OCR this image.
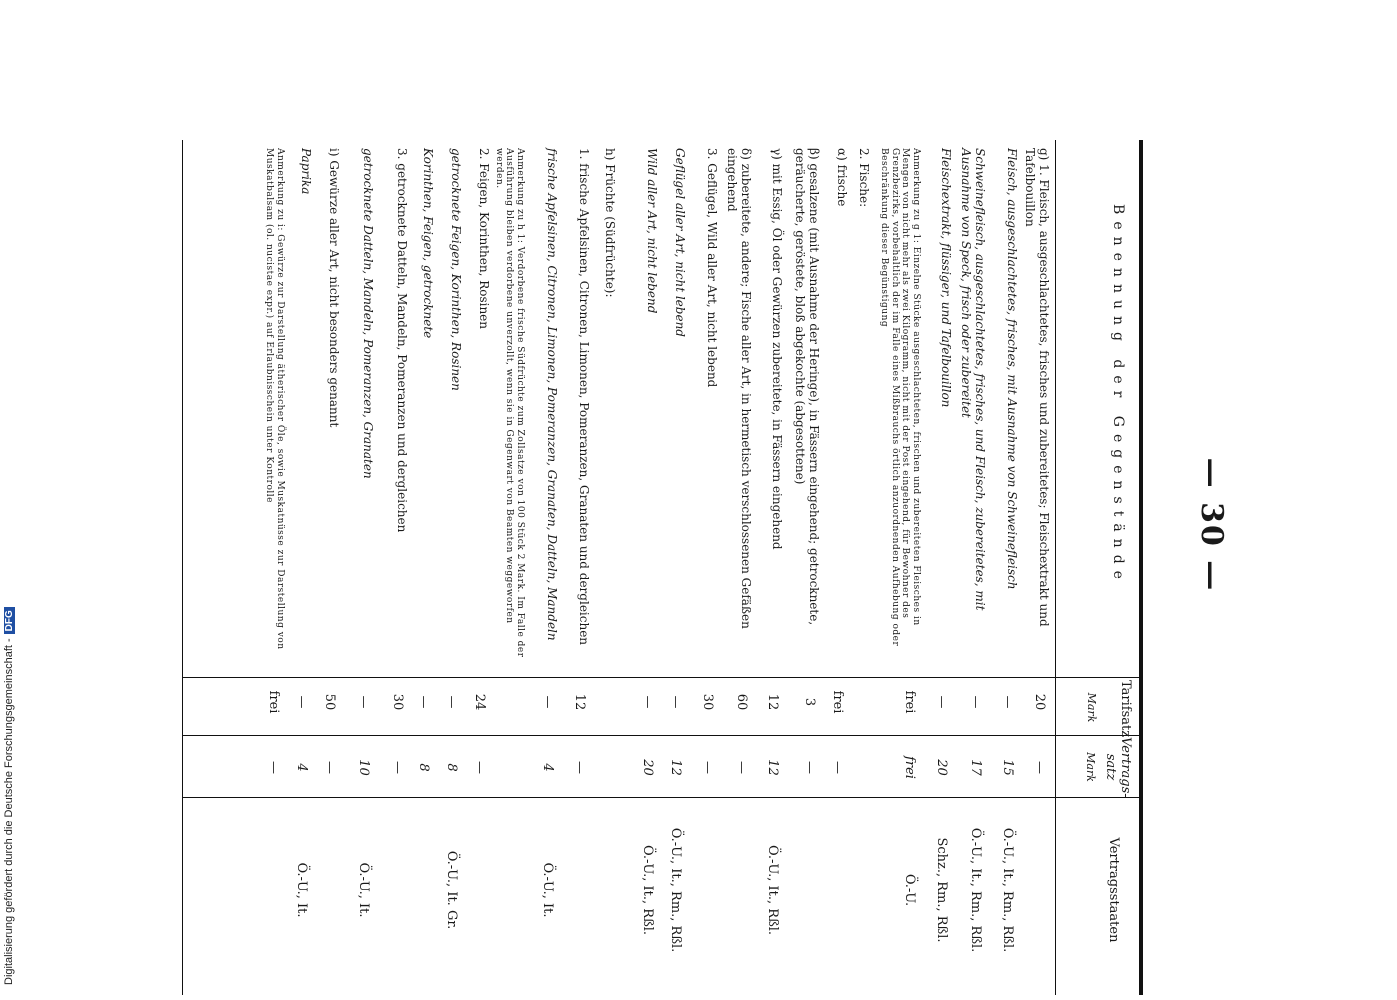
Digitalisierung gefördert durch die Deutsche Forschungsgemeinschaft -DFG
— 30 —
Benennung der Gegenstände
Tarifsatz
Mark
Vertrags-satz
Mark
Vertragsstaaten
g) 1. Fleisch, ausgeschlachtetes, frisches und zubereitetes; Fleischextrakt und Tafelbouillon
20
—
Fleisch, ausgeschlachtetes, frisches, mit Ausnahme von Schweinefleisch
—
15
Ö.-U., It., Rm., Rßl.
Schweinefleisch, ausgeschlachtetes, frisches, und Fleisch, zubereitetes, mit Ausnahme von Speck, frisch oder zubereitet
—
17
Ö.-U., It., Rm., Rßl.
Fleischextrakt, flüssiger, und Tafelbouillon
—
20
Schz., Rm., Rßl.
Anmerkung zu g 1: Einzelne Stücke ausgeschlachteten, frischen und zubereiteten Fleisches in Mengen von nicht mehr als zwei Kilogramm, nicht mit der Post eingehend, für Bewohner des Grenzbezirks, vorbehaltlich der im Falle eines Mißbrauchs örtlich anzuordnenden Aufhebung oder Beschränkung dieser Begünstigung
frei
frei
Ö.-U.
2. Fische:
α) frische
frei
—
β) gesalzene (mit Ausnahme der Heringe), in Fässern eingehend; getrocknete, geräucherte, geröstete, bloß abgekochte (abgesottene)
3
—
γ) mit Essig, Öl oder Gewürzen zubereitete, in Fässern eingehend
12
12
Ö.-U., It., Rßl.
δ) zubereitete, andere; Fische aller Art, in hermetisch verschlossenen Gefäßen eingehend
60
—
3. Geflügel, Wild aller Art, nicht lebend
30
—
Geflügel aller Art, nicht lebend
—
12
Ö.-U., It., Rm., Rßl.
Wild aller Art, nicht lebend
—
20
Ö.-U., It., Rßl.
h) Früchte (Südfrüchte):
1. frische Apfelsinen, Citronen, Limonen, Pomeranzen, Granaten und dergleichen
12
—
frische Apfelsinen, Citronen, Limonen, Pomeranzen, Granaten, Datteln, Mandeln
—
4
Ö.-U., It.
Anmerkung zu h 1: Verdorbene frische Südfrüchte zum Zollsatze von 100 Stück 2 Mark. Im Falle der Ausführung bleiben verdorbene unverzollt, wenn sie in Gegenwart von Beamten weggeworfen werden.
2. Feigen, Korinthen, Rosinen
24
—
getrocknete Feigen, Korinthen, Rosinen
—
8
Ö.-U., It. Gr.
Korinthen, Feigen, getrocknete
—
8
3. getrocknete Datteln, Mandeln, Pomeranzen und dergleichen
30
—
getrocknete Datteln, Mandeln, Pomeranzen, Granaten
—
10
Ö.-U., It.
i) Gewürze aller Art, nicht besonders genannt
50
—
Paprika
—
4
Ö.-U., It.
Anmerkung zu i: Gewürze zur Darstellung ätherischer Öle, sowie Muskatnüsse zur Darstellung von Muskatbalsam (ol. nucistae expr.) auf Erlaubnisschein unter Kontrolle
frei
—
